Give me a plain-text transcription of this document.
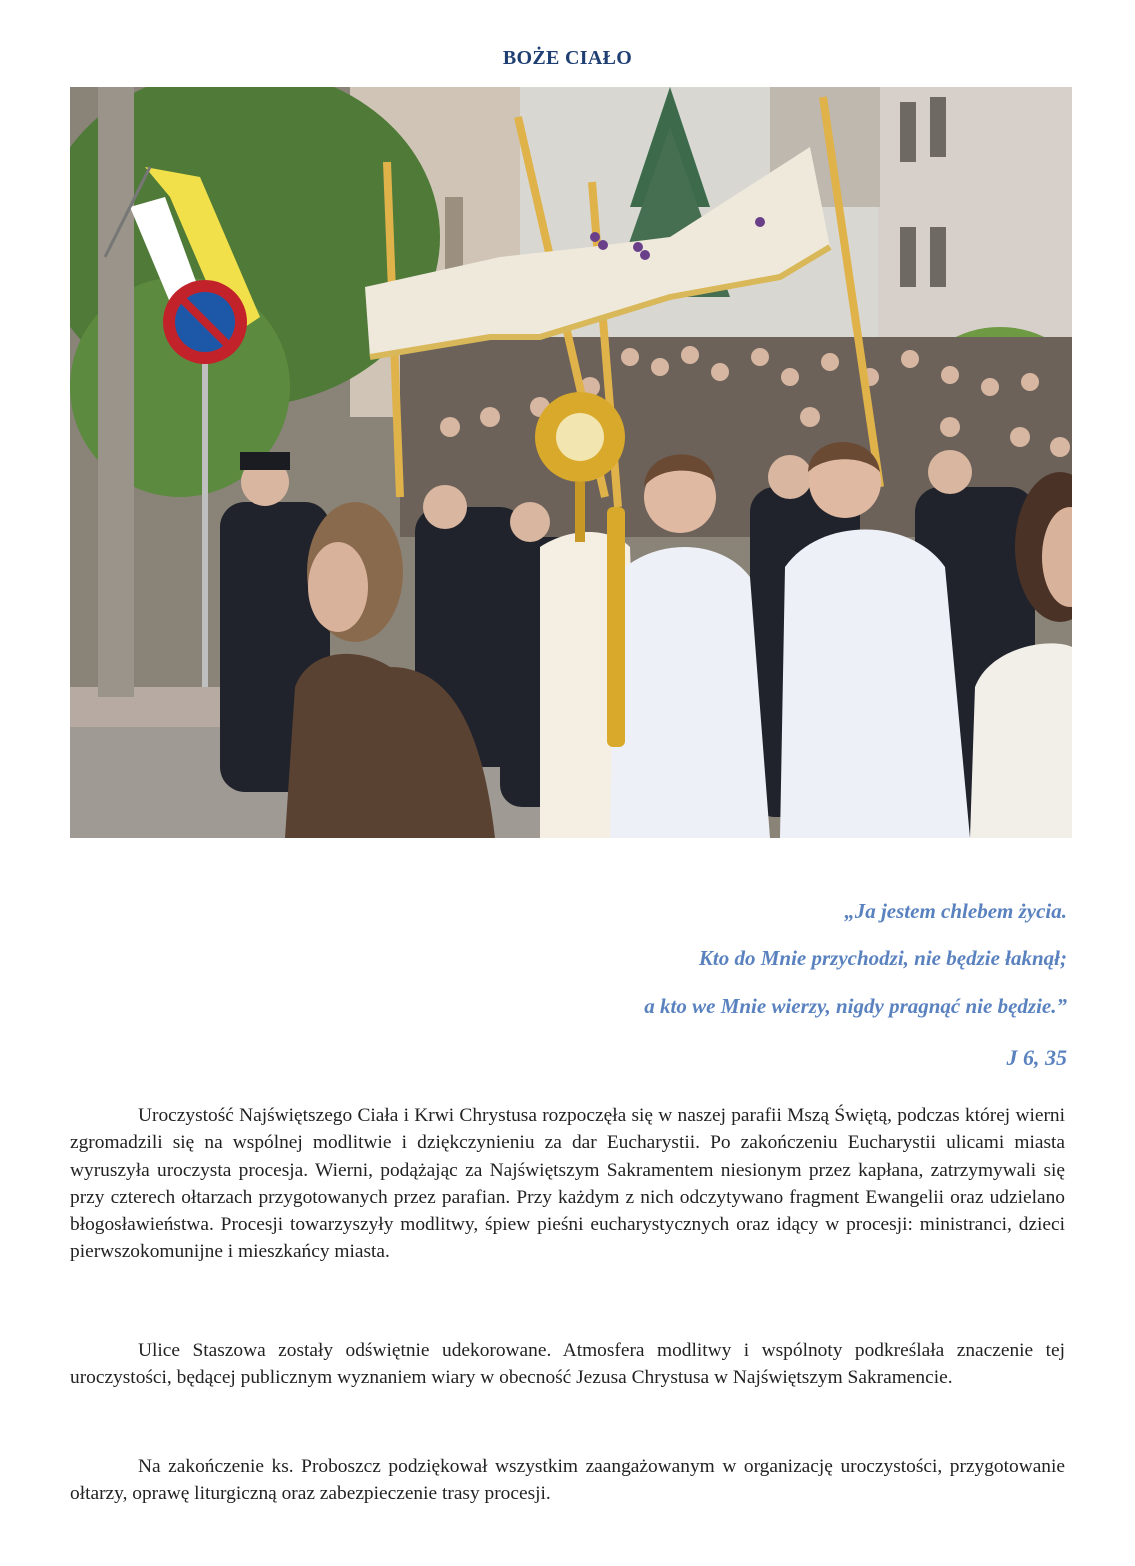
BOŻE CIAŁO
„Ja jestem chlebem życia.
Kto do Mnie przychodzi, nie będzie łaknął;
a kto we Mnie wierzy, nigdy pragnąć nie będzie.”
J 6, 35

Uroczystość Najświętszego Ciała i Krwi Chrystusa rozpoczęła się w naszej parafii Mszą Świętą, podczas której wierni zgromadzili się na wspólnej modlitwie i dziękczynieniu za dar Eucharystii. Po zakończeniu Eucharystii ulicami miasta wyruszyła uroczysta procesja. Wierni, podążając za Najświętszym Sakramentem niesionym przez kapłana, zatrzymywali się przy czterech ołtarzach przygotowanych przez parafian. Przy każdym z nich odczytywano fragment Ewangelii oraz udzielano błogosławieństwa. Procesji towarzyszyły modlitwy, śpiew pieśni eucharystycznych oraz idący w procesji: ministranci, dzieci pierwszokomunijne i mieszkańcy miasta.

Ulice Staszowa zostały odświętnie udekorowane. Atmosfera modlitwy i wspólnoty podkreślała znaczenie tej uroczystości, będącej publicznym wyznaniem wiary w obecność Jezusa Chrystusa w Najświętszym Sakramencie.

Na zakończenie ks. Proboszcz podziękował wszystkim zaangażowanym w organizację uroczystości, przygotowanie ołtarzy, oprawę liturgiczną oraz zabezpieczenie trasy procesji.
